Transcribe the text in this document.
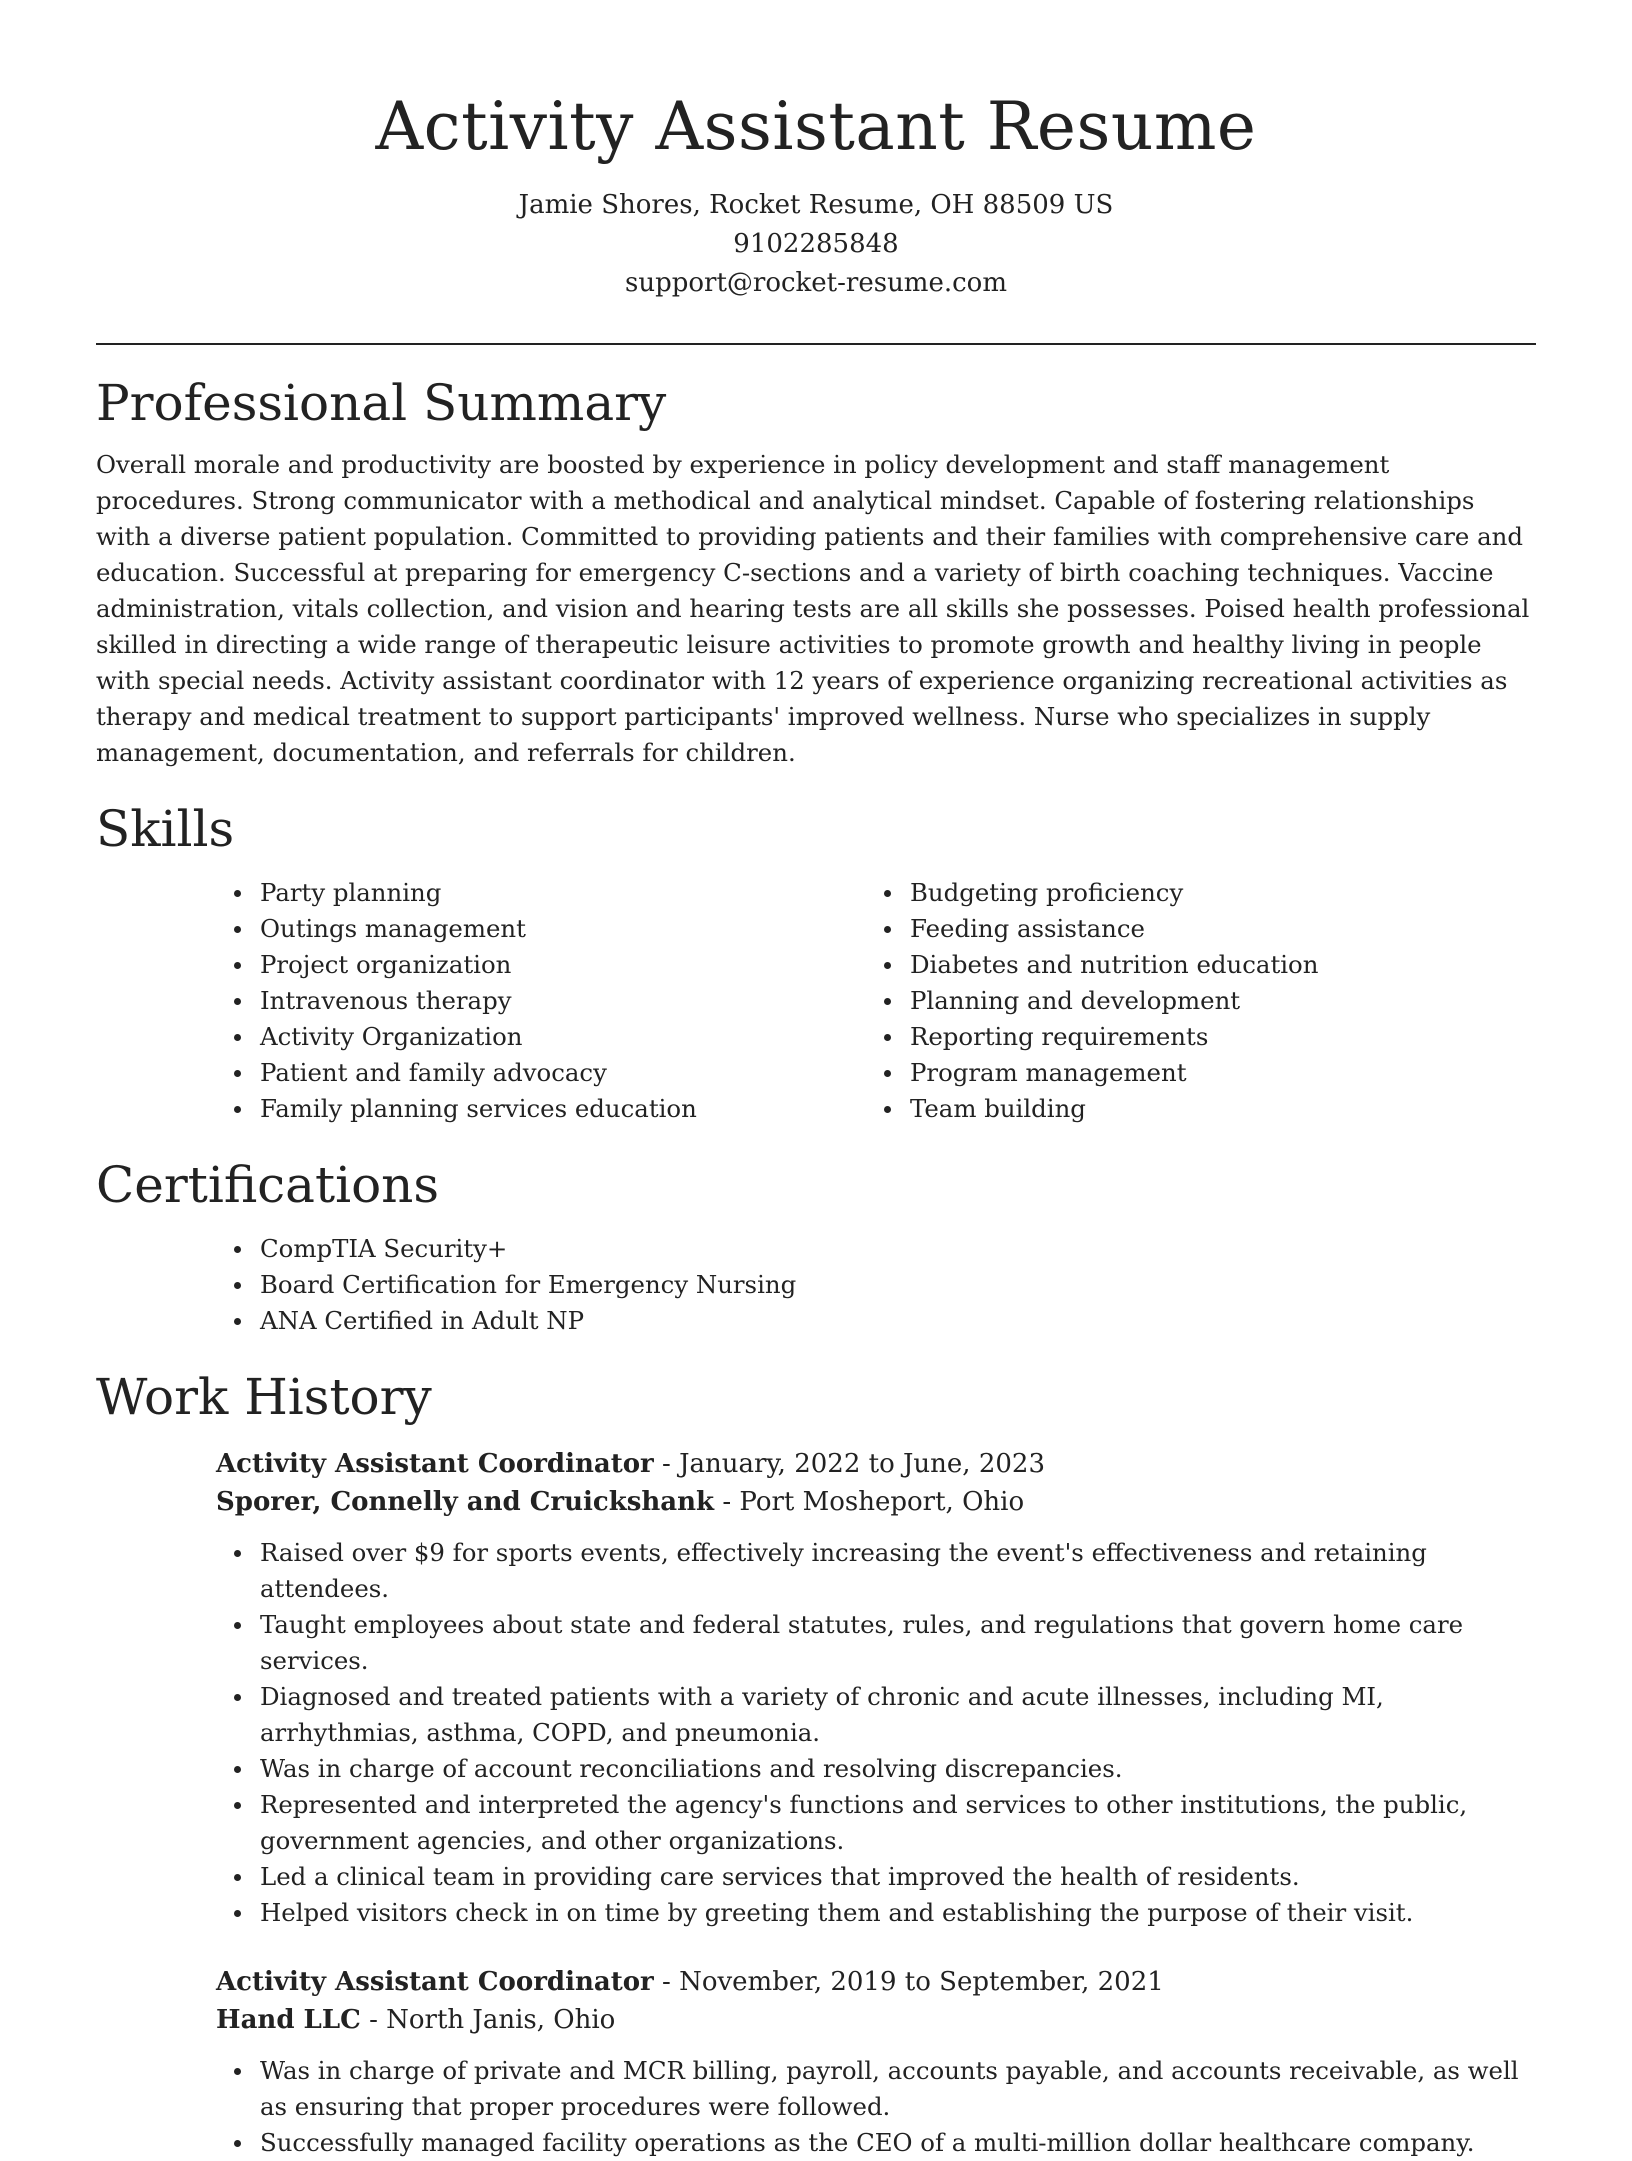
Activity Assistant Resume
Jamie Shores, Rocket Resume, OH 88509 US
9102285848
support@rocket-resume.com
Professional Summary

Overall morale and productivity are boosted by experience in policy development and staff management procedures. Strong communicator with a methodical and analytical mindset. Capable of fostering relationships with a diverse patient population. Committed to providing patients and their families with comprehensive care and education. Successful at preparing for emergency C-sections and a variety of birth coaching techniques. Vaccine administration, vitals collection, and vision and hearing tests are all skills she possesses. Poised health professional skilled in directing a wide range of therapeutic leisure activities to promote growth and healthy living in people with special needs. Activity assistant coordinator with 12 years of experience organizing recreational activities as therapy and medical treatment to support participants' improved wellness. Nurse who specializes in supply management, documentation, and referrals for children.

Skills
Party planning
Outings management
Project organization
Intravenous therapy
Activity Organization
Patient and family advocacy
Family planning services education
Budgeting proficiency
Feeding assistance
Diabetes and nutrition education
Planning and development
Reporting requirements
Program management
Team building
Certifications
CompTIA Security+
Board Certification for Emergency Nursing
ANA Certified in Adult NP
Work History
Activity Assistant Coordinator - January, 2022 to June, 2023
Sporer, Connelly and Cruickshank - Port Mosheport, Ohio
Raised over $9 for sports events, effectively increasing the event's effectiveness and retaining attendees.
Taught employees about state and federal statutes, rules, and regulations that govern home care services.
Diagnosed and treated patients with a variety of chronic and acute illnesses, including MI, arrhythmias, asthma, COPD, and pneumonia.
Was in charge of account reconciliations and resolving discrepancies.
Represented and interpreted the agency's functions and services to other institutions, the public, government agencies, and other organizations.
Led a clinical team in providing care services that improved the health of residents.
Helped visitors check in on time by greeting them and establishing the purpose of their visit.
Activity Assistant Coordinator - November, 2019 to September, 2021
Hand LLC - North Janis, Ohio
Was in charge of private and MCR billing, payroll, accounts payable, and accounts receivable, as well as ensuring that proper procedures were followed.
Successfully managed facility operations as the CEO of a multi-million dollar healthcare company.
